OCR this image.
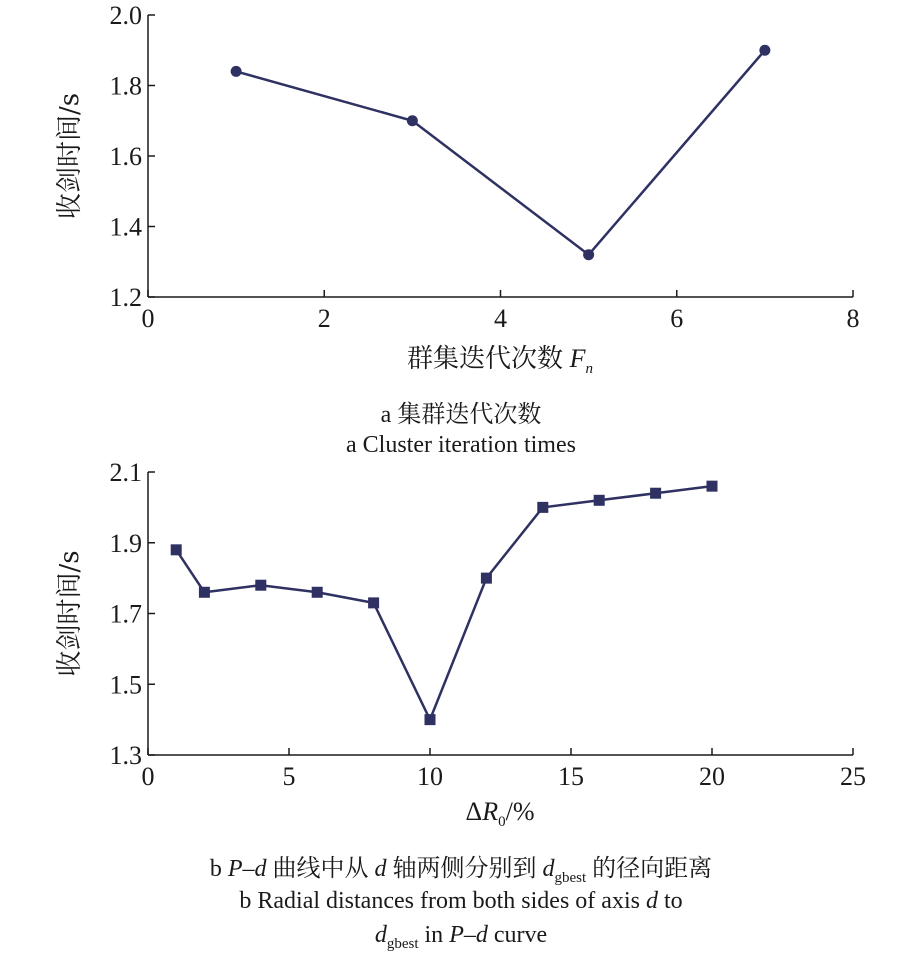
0	2	4	6	8
1.2
1.4
1.6
1.8
2.0
收剑时间/s
0	5	10	15	20	25
1.3
1.5
1.7
1.9
2.1
收剑时间/s
群集迭代次数 $F_n$
a 集群迭代次数
a Cluster iteration times
$\Delta R_0/\%$
b P–d 曲线中从 d 轴两侧分别到 $d_{gbest}$ 的径向距离
b Radial distances from both sides of axis d to
$d_{gbest}$ in P–d curve
